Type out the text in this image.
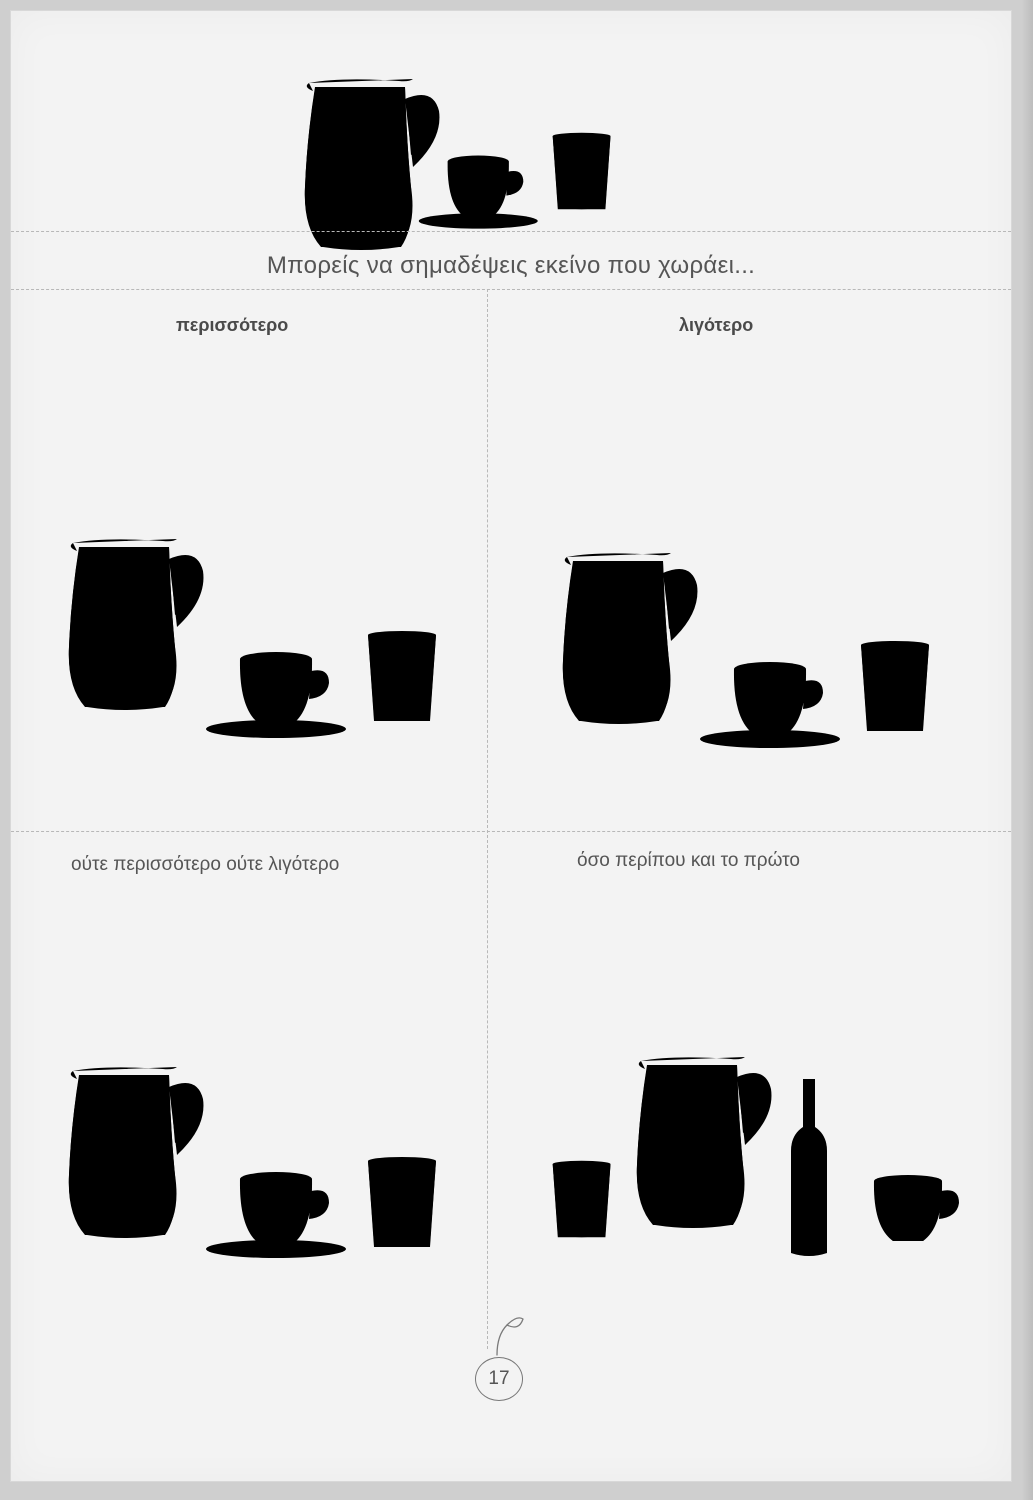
Μπορείς να σημαδέψεις εκείνο που χωράει...
περισσότερο	λιγότερο
ούτε περισσότερο ούτε λιγότερο	όσο περίπου και το πρώτο
17
